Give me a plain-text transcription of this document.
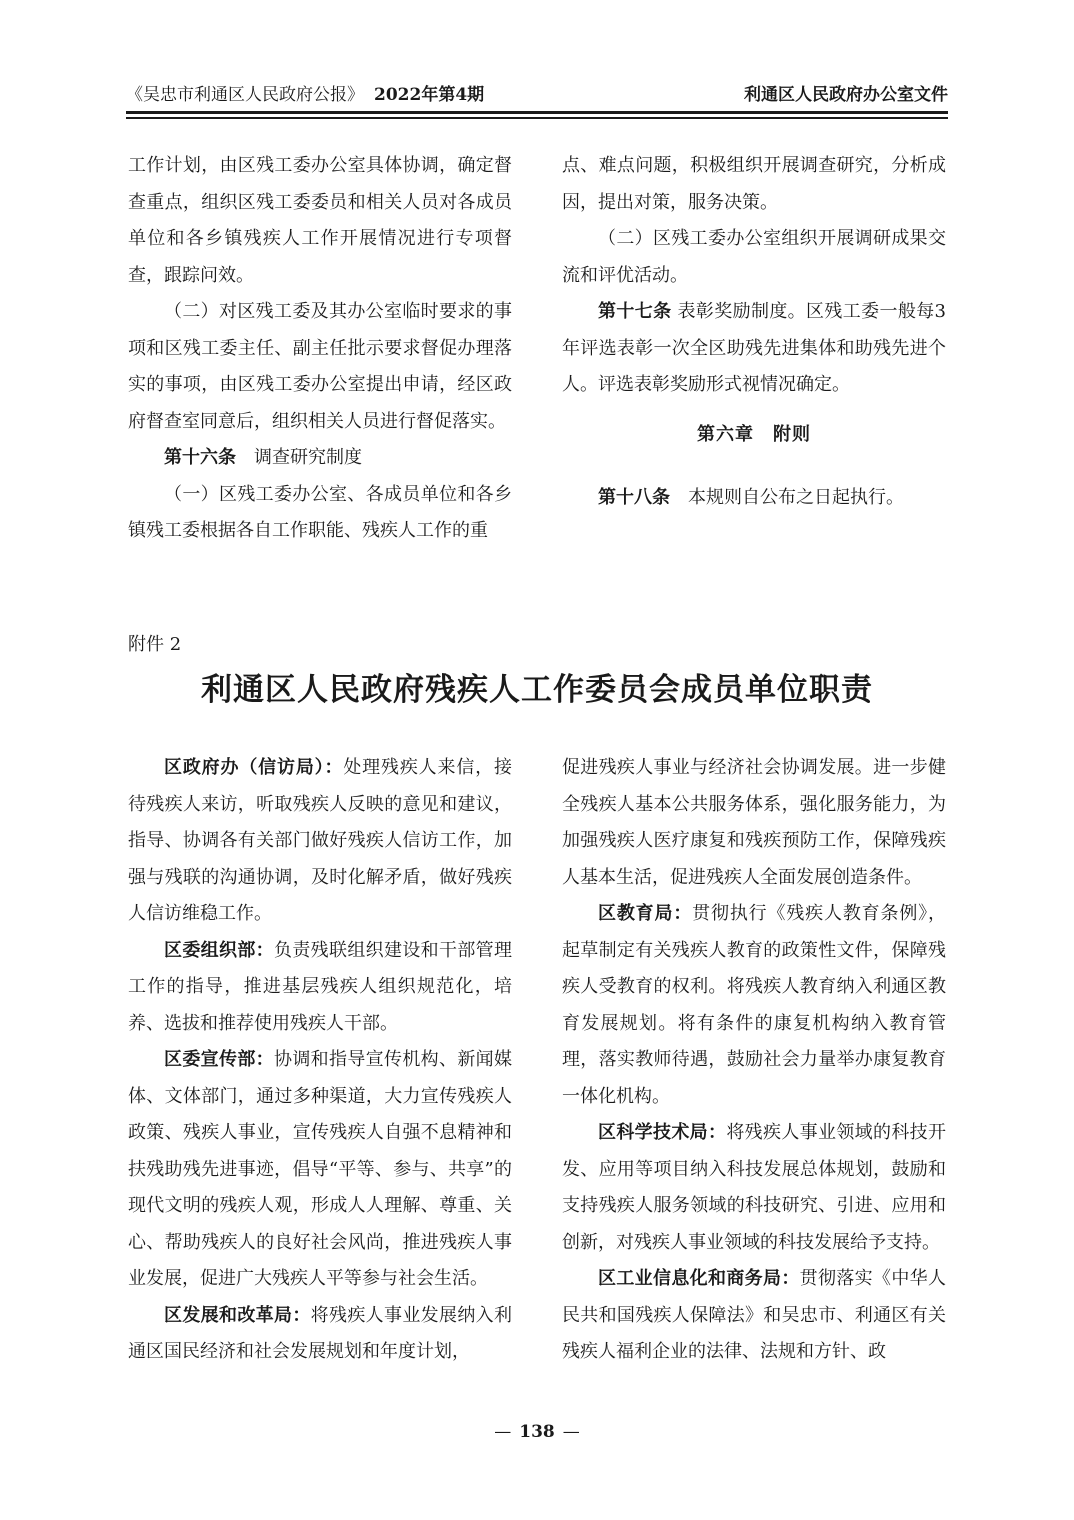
《吴忠市利通区人民政府公报》 2022年第4期	利通区人民政府办公室文件

工作计划，由区残工委办公室具体协调，确定督查重点，组织区残工委委员和相关人员对各成员单位和各乡镇残疾人工作开展情况进行专项督查，跟踪问效。

（二）对区残工委及其办公室临时要求的事项和区残工委主任、副主任批示要求督促办理落实的事项，由区残工委办公室提出申请，经区政府督查室同意后，组织相关人员进行督促落实。

第十六条　 调查研究制度

（一）区残工委办公室、各成员单位和各乡镇残工委根据各自工作职能、残疾人工作的重

点、难点问题，积极组织开展调查研究，分析成因，提出对策，服务决策。

（二）区残工委办公室组织开展调研成果交流和评优活动。

第十七条 表彰奖励制度。区残工委一般每3年评选表彰一次全区助残先进集体和助残先进个人。评选表彰奖励形式视情况确定。

第六章　附则

第十八条　 本规则自公布之日起执行。

附件 2
利通区人民政府残疾人工作委员会成员单位职责

区政府办（信访局）：处理残疾人来信，接待残疾人来访，听取残疾人反映的意见和建议，指导、协调各有关部门做好残疾人信访工作，加强与残联的沟通协调，及时化解矛盾，做好残疾人信访维稳工作。

区委组织部：负责残联组织建设和干部管理工作的指导，推进基层残疾人组织规范化，培养、选拔和推荐使用残疾人干部。

区委宣传部：协调和指导宣传机构、新闻媒体、文体部门，通过多种渠道，大力宣传残疾人政策、残疾人事业，宣传残疾人自强不息精神和扶残助残先进事迹，倡导“平等、参与、共享”的现代文明的残疾人观，形成人人理解、尊重、关心、帮助残疾人的良好社会风尚，推进残疾人事业发展，促进广大残疾人平等参与社会生活。

区发展和改革局：将残疾人事业发展纳入利通区国民经济和社会发展规划和年度计划，

促进残疾人事业与经济社会协调发展。进一步健全残疾人基本公共服务体系，强化服务能力，为加强残疾人医疗康复和残疾预防工作，保障残疾人基本生活，促进残疾人全面发展创造条件。

区教育局：贯彻执行《残疾人教育条例》，起草制定有关残疾人教育的政策性文件，保障残疾人受教育的权利。将残疾人教育纳入利通区教育发展规划。将有条件的康复机构纳入教育管理，落实教师待遇，鼓励社会力量举办康复教育一体化机构。

区科学技术局：将残疾人事业领域的科技开发、应用等项目纳入科技发展总体规划，鼓励和支持残疾人服务领域的科技研究、引进、应用和创新，对残疾人事业领域的科技发展给予支持。

区工业信息化和商务局：贯彻落实《中华人民共和国残疾人保障法》和吴忠市、利通区有关残疾人福利企业的法律、法规和方针、政

— 138 —
